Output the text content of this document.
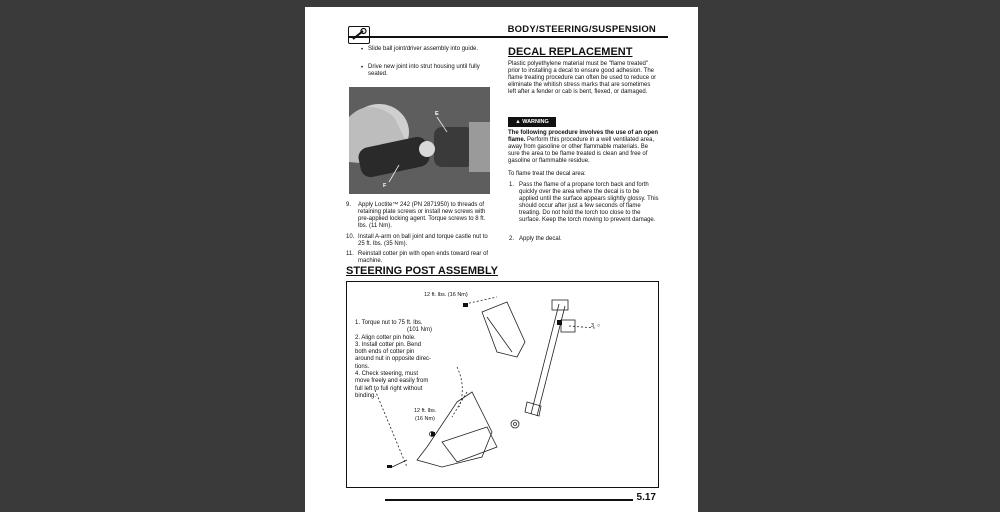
BODY/STEERING/SUSPENSION
• Slide ball joint/driver assembly into guide.
• Drive new joint into strut housing until fully seated.
E
F
9. Apply Loctite™ 242 (PN 2871950) to threads of retaining plate screws or install new screws with pre-applied locking agent. Torque screws to 8 ft. lbs. (11 Nm).
10. Install A-arm on ball joint and torque castle nut to 25 ft. lbs. (35 Nm).
11. Reinstall cotter pin with open ends toward rear of machine.
DECAL REPLACEMENT
Plastic polyethylene material must be "flame treated" prior to installing a decal to ensure good adhesion. The flame treating procedure can often be used to reduce or eliminate the whitish stress marks that are sometimes left after a fender or cab is bent, flexed, or damaged.
▲ WARNING
The following procedure involves the use of an open flame. Perform this procedure in a well ventilated area, away from gasoline or other flammable materials. Be sure the area to be flame treated is clean and free of gasoline or flammable residue.
To flame treat the decal area:
1. Pass the flame of a propane torch back and forth quickly over the area where the decal is to be applied until the surface appears slightly glossy. This should occur after just a few seconds of flame treating. Do not hold the torch too close to the surface. Keep the torch moving to prevent damage.
2. Apply the decal.
STEERING POST ASSEMBLY
3 ○
12 ft. lbs. (16 Nm)
12 ft. lbs.
(16 Nm)
1. Torque nut to 75 ft. lbs.
(101 Nm)
2. Align cotter pin hole.
3. Install cotter pin. Bend
both ends of cotter pin
around nut in opposite direc-
tions.
4. Check steering, must
move freely and easily from
full left to full right without
binding.
5.17
